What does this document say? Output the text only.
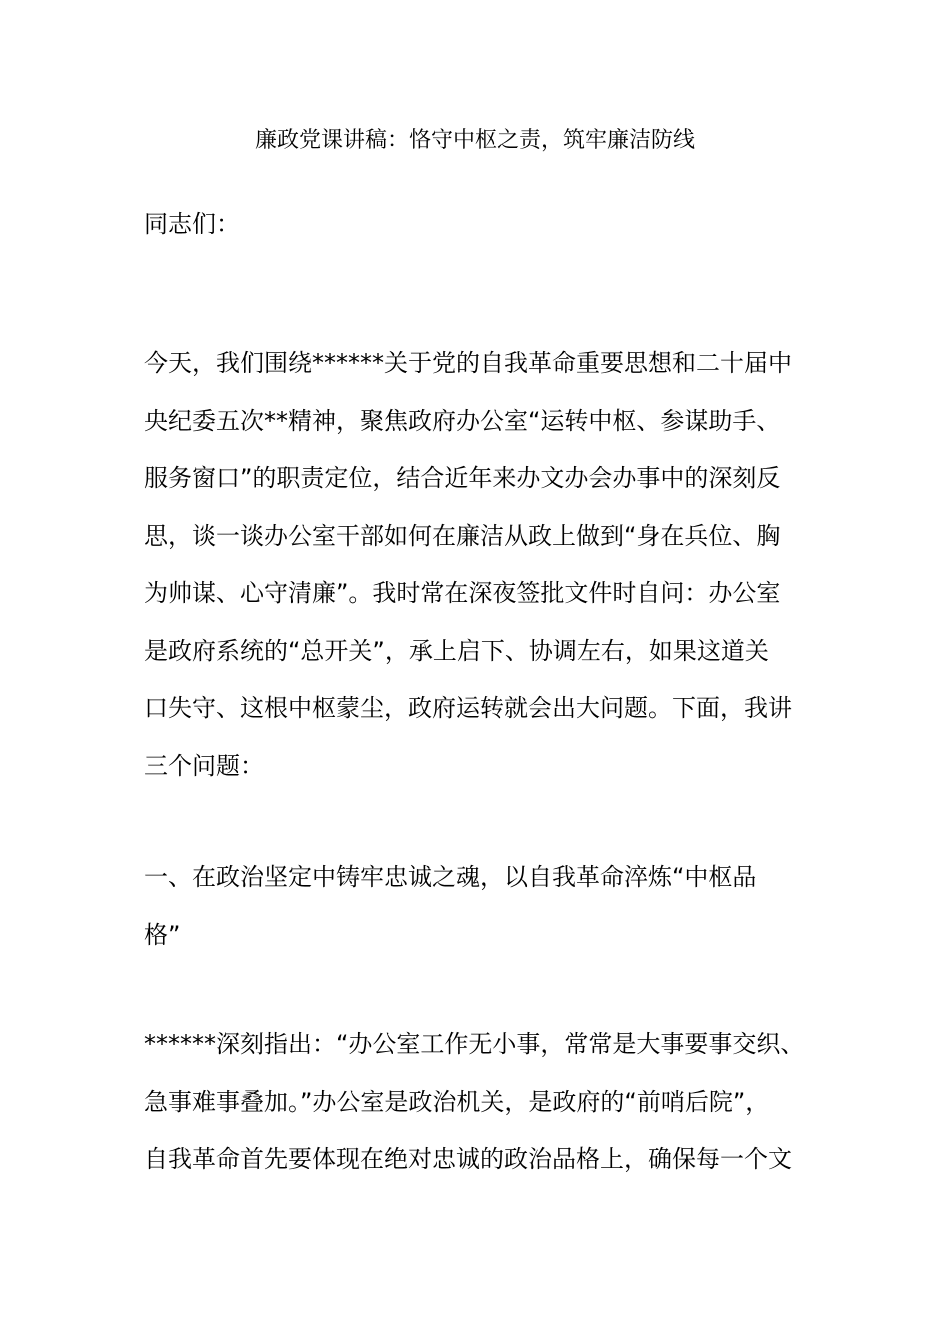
廉政党课讲稿：恪守中枢之责，筑牢廉洁防线
同志们：
今天，我们围绕******关于党的自我革命重要思想和二十届中
央纪委五次**精神，聚焦政府办公室“运转中枢、参谋助手、
服务窗口”的职责定位，结合近年来办文办会办事中的深刻反
思，谈一谈办公室干部如何在廉洁从政上做到“身在兵位、胸
为帅谋、心守清廉”。我时常在深夜签批文件时自问：办公室
是政府系统的“总开关”，承上启下、协调左右，如果这道关
口失守、这根中枢蒙尘，政府运转就会出大问题。下面，我讲
三个问题：
一、在政治坚定中铸牢忠诚之魂，以自我革命淬炼“中枢品
格”
******深刻指出：“办公室工作无小事，常常是大事要事交织、
急事难事叠加。”办公室是政治机关，是政府的“前哨后院”，
自我革命首先要体现在绝对忠诚的政治品格上，确保每一个文
